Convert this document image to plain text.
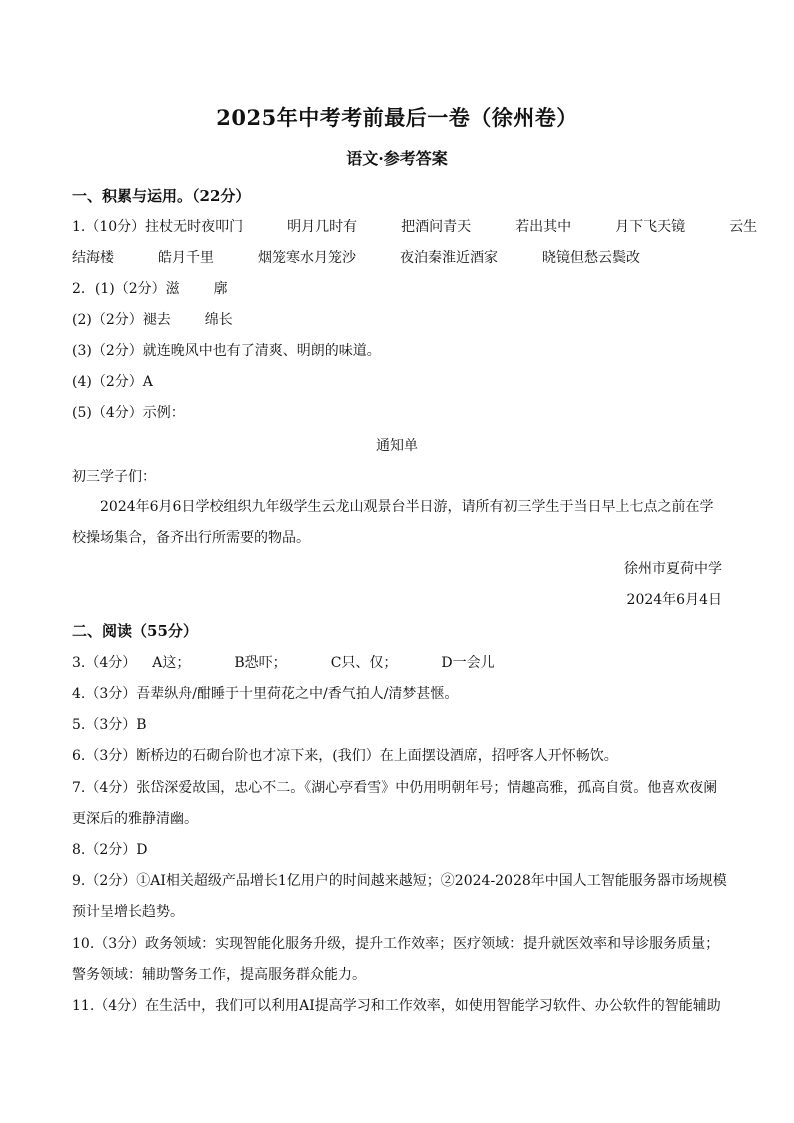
2025年中考考前最后一卷（徐州卷）
语文·参考答案
一、积累与运用。（22分）
1.（10分）拄杖无时夜叩门	明月几时有	把酒问青天	若出其中	月下飞天镜	云生
结海楼	皓月千里	烟笼寒水月笼沙	夜泊秦淮近酒家	晓镜但愁云鬓改
2．(1)（2分）滋 廓
(2)（2分）褪去 绵长
(3)（2分）就连晚风中也有了清爽、明朗的味道。
(4)（2分）A
(5)（4分）示例：
通知单
初三学子们：
2024年6月6日学校组织九年级学生云龙山观景台半日游，请所有初三学生于当日早上七点之前在学
校操场集合，备齐出行所需要的物品。
徐州市夏荷中学
2024年6月4日
二、阅读（55分）
3.（4分） A这；	B恐吓；	C只、仅；	D一会儿
4.（3分）吾辈纵舟/酣睡于十里荷花之中/香气拍人/清梦甚惬。
5.（3分）B
6.（3分）断桥边的石砌台阶也才凉下来，(我们）在上面摆设酒席，招呼客人开怀畅饮。
7.（4分）张岱深爱故国，忠心不二。《湖心亭看雪》中仍用明朝年号；情趣高雅，孤高自赏。他喜欢夜阑
更深后的雅静清幽。
8.（2分）D
9.（2分）①AI相关超级产品增长1亿用户的时间越来越短；②2024-2028年中国人工智能服务器市场规模
预计呈增长趋势。
10.（3分）政务领域：实现智能化服务升级，提升工作效率；医疗领域：提升就医效率和导诊服务质量；
警务领域：辅助警务工作，提高服务群众能力。
11.（4分）在生活中，我们可以利用AI提高学习和工作效率，如使用智能学习软件、办公软件的智能辅助
